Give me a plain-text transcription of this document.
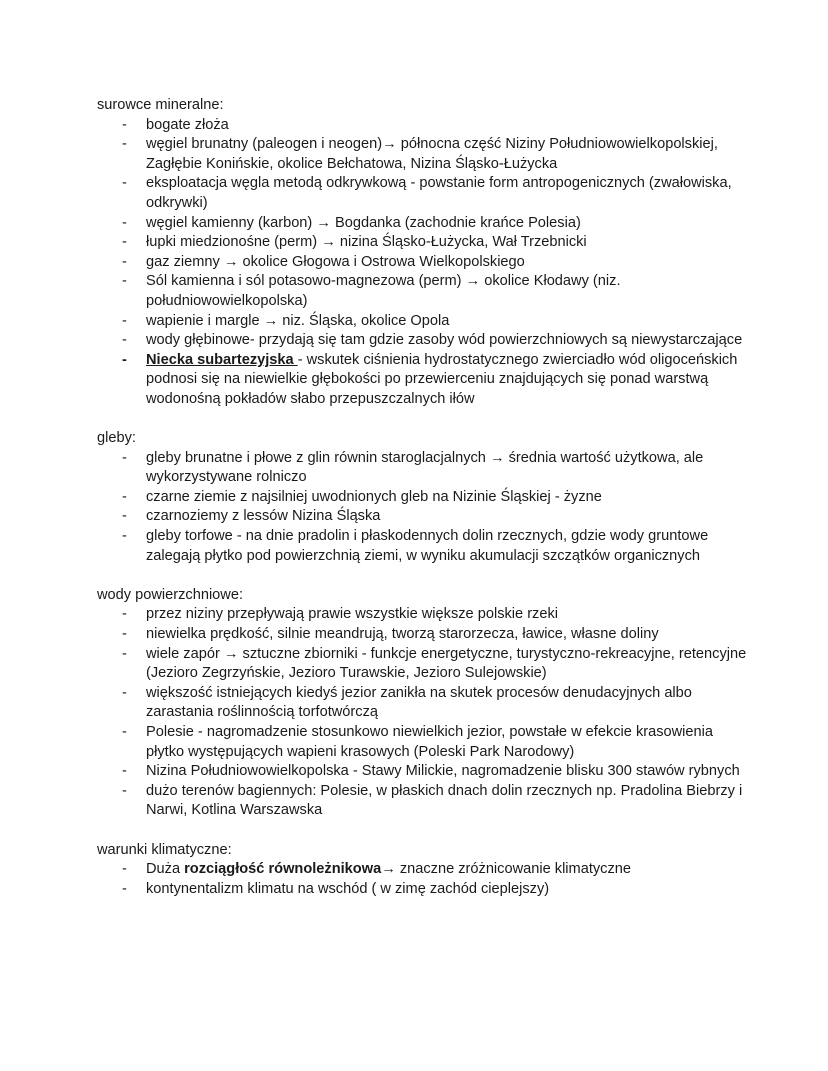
surowce mineralne:
- bogate złoża
- węgiel brunatny (paleogen i neogen)→ północna część Niziny Południowowielkopolskiej, Zagłębie Konińskie, okolice Bełchatowa, Nizina Śląsko-Łużycka
- eksploatacja węgla metodą odkrywkową - powstanie form antropogenicznych (zwałowiska, odkrywki)
- węgiel kamienny (karbon) → Bogdanka (zachodnie krańce Polesia)
- łupki miedzionośne (perm) → nizina Śląsko-Łużycka, Wał Trzebnicki
- gaz ziemny → okolice Głogowa i Ostrowa Wielkopolskiego
- Sól kamienna i sól potasowo-magnezowa (perm) → okolice Kłodawy (niz. południowowielkopolska)
- wapienie i margle → niz. Śląska, okolice Opola
- wody głębinowe- przydają się tam gdzie zasoby wód powierzchniowych są niewystarczające
- Niecka subartezyjska - wskutek ciśnienia hydrostatycznego zwierciadło wód oligoceńskich podnosi się na niewielkie głębokości po przewierceniu znajdujących się ponad warstwą wodonośną pokładów słabo przepuszczalnych iłów
gleby:
- gleby brunatne i płowe z glin równin staroglacjalnych → średnia wartość użytkowa, ale wykorzystywane rolniczo
- czarne ziemie z najsilniej uwodnionych gleb na Nizinie Śląskiej - żyzne
- czarnoziemy z lessów Nizina Śląska
- gleby torfowe - na dnie pradolin i płaskodennych dolin rzecznych, gdzie wody gruntowe zalegają płytko pod powierzchnią ziemi, w wyniku akumulacji szczątków organicznych
wody powierzchniowe:
- przez niziny przepływają prawie wszystkie większe polskie rzeki
- niewielka prędkość, silnie meandrują, tworzą starorzecza, ławice, własne doliny
- wiele zapór → sztuczne zbiorniki - funkcje energetyczne, turystyczno-rekreacyjne, retencyjne (Jezioro Zegrzyńskie, Jezioro Turawskie, Jezioro Sulejowskie)
- większość istniejących kiedyś jezior zanikła na skutek procesów denudacyjnych albo zarastania roślinnością torfotwórczą
- Polesie - nagromadzenie stosunkowo niewielkich jezior, powstałe w efekcie krasowienia płytko występujących wapieni krasowych (Poleski Park Narodowy)
- Nizina Południowowielkopolska - Stawy Milickie, nagromadzenie blisku 300 stawów rybnych
- dużo terenów bagiennych: Polesie, w płaskich dnach dolin rzecznych np. Pradolina Biebrzy i Narwi, Kotlina Warszawska
warunki klimatyczne:
- Duża rozciągłość równoleżnikowa→ znaczne zróżnicowanie klimatyczne
- kontynentalizm klimatu na wschód ( w zimę zachód cieplejszy)
